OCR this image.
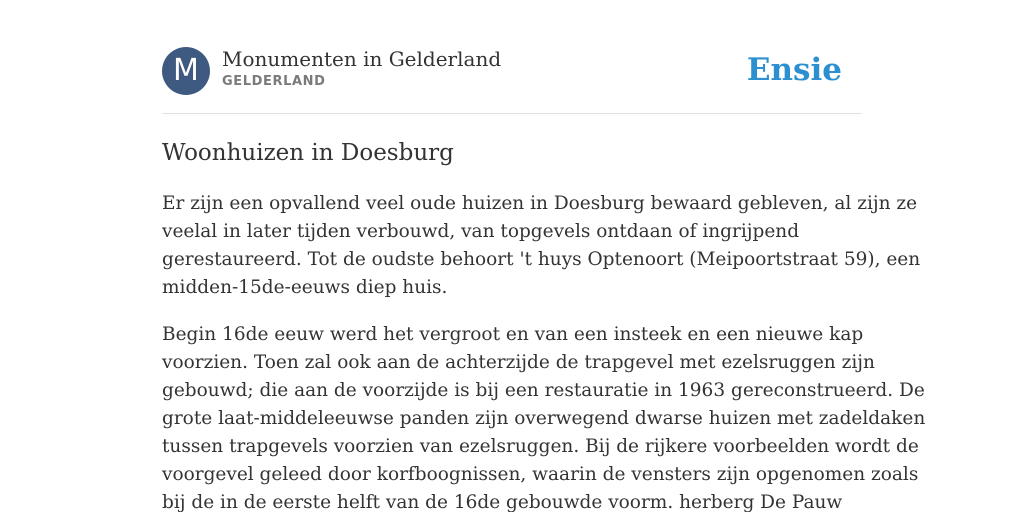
M	Monumenten in Gelderland
GELDERLAND	Ensie
Woonhuizen in Doesburg

Er zijn een opvallend veel oude huizen in Doesburg bewaard gebleven, al zijn ze
veelal in later tijden verbouwd, van topgevels ontdaan of ingrijpend
gerestaureerd. Tot de oudste behoort 't huys Optenoort (Meipoortstraat 59), een
midden-15de-eeuws diep huis.

Begin 16de eeuw werd het vergroot en van een insteek en een nieuwe kap
voorzien. Toen zal ook aan de achterzijde de trapgevel met ezelsruggen zijn
gebouwd; die aan de voorzijde is bij een restauratie in 1963 gereconstrueerd. De
grote laat-middeleeuwse panden zijn overwegend dwarse huizen met zadeldaken
tussen trapgevels voorzien van ezelsruggen. Bij de rijkere voorbeelden wordt de
voorgevel geleed door korfboognissen, waarin de vensters zijn opgenomen zoals
bij de in de eerste helft van de 16de gebouwde voorm. herberg De Pauw
